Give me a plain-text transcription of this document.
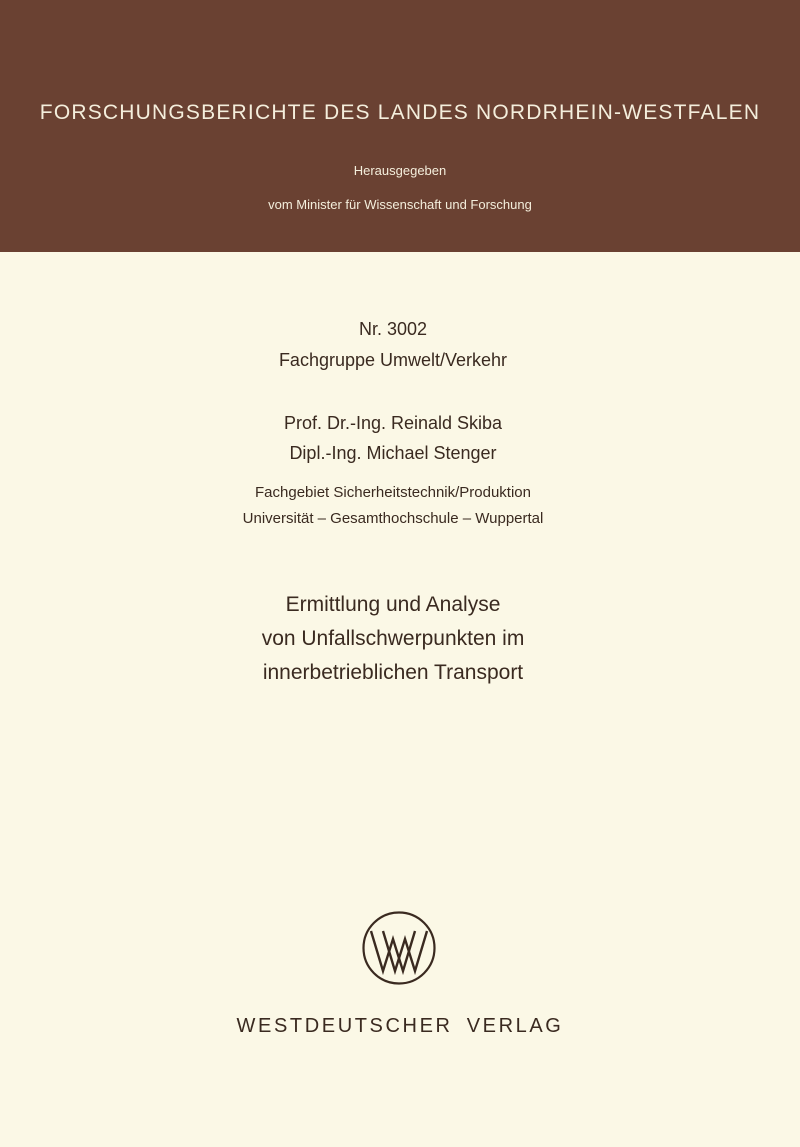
FORSCHUNGSBERICHTE DES LANDES NORDRHEIN-WESTFALEN
Herausgegeben
vom Minister für Wissenschaft und Forschung
Nr. 3002
Fachgruppe Umwelt/Verkehr
Prof. Dr.-Ing. Reinald Skiba
Dipl.-Ing. Michael Stenger
Fachgebiet Sicherheitstechnik/Produktion
Universität – Gesamthochschule – Wuppertal
Ermittlung und Analyse
von Unfallschwerpunkten im
innerbetrieblichen Transport
WESTDEUTSCHER VERLAG
